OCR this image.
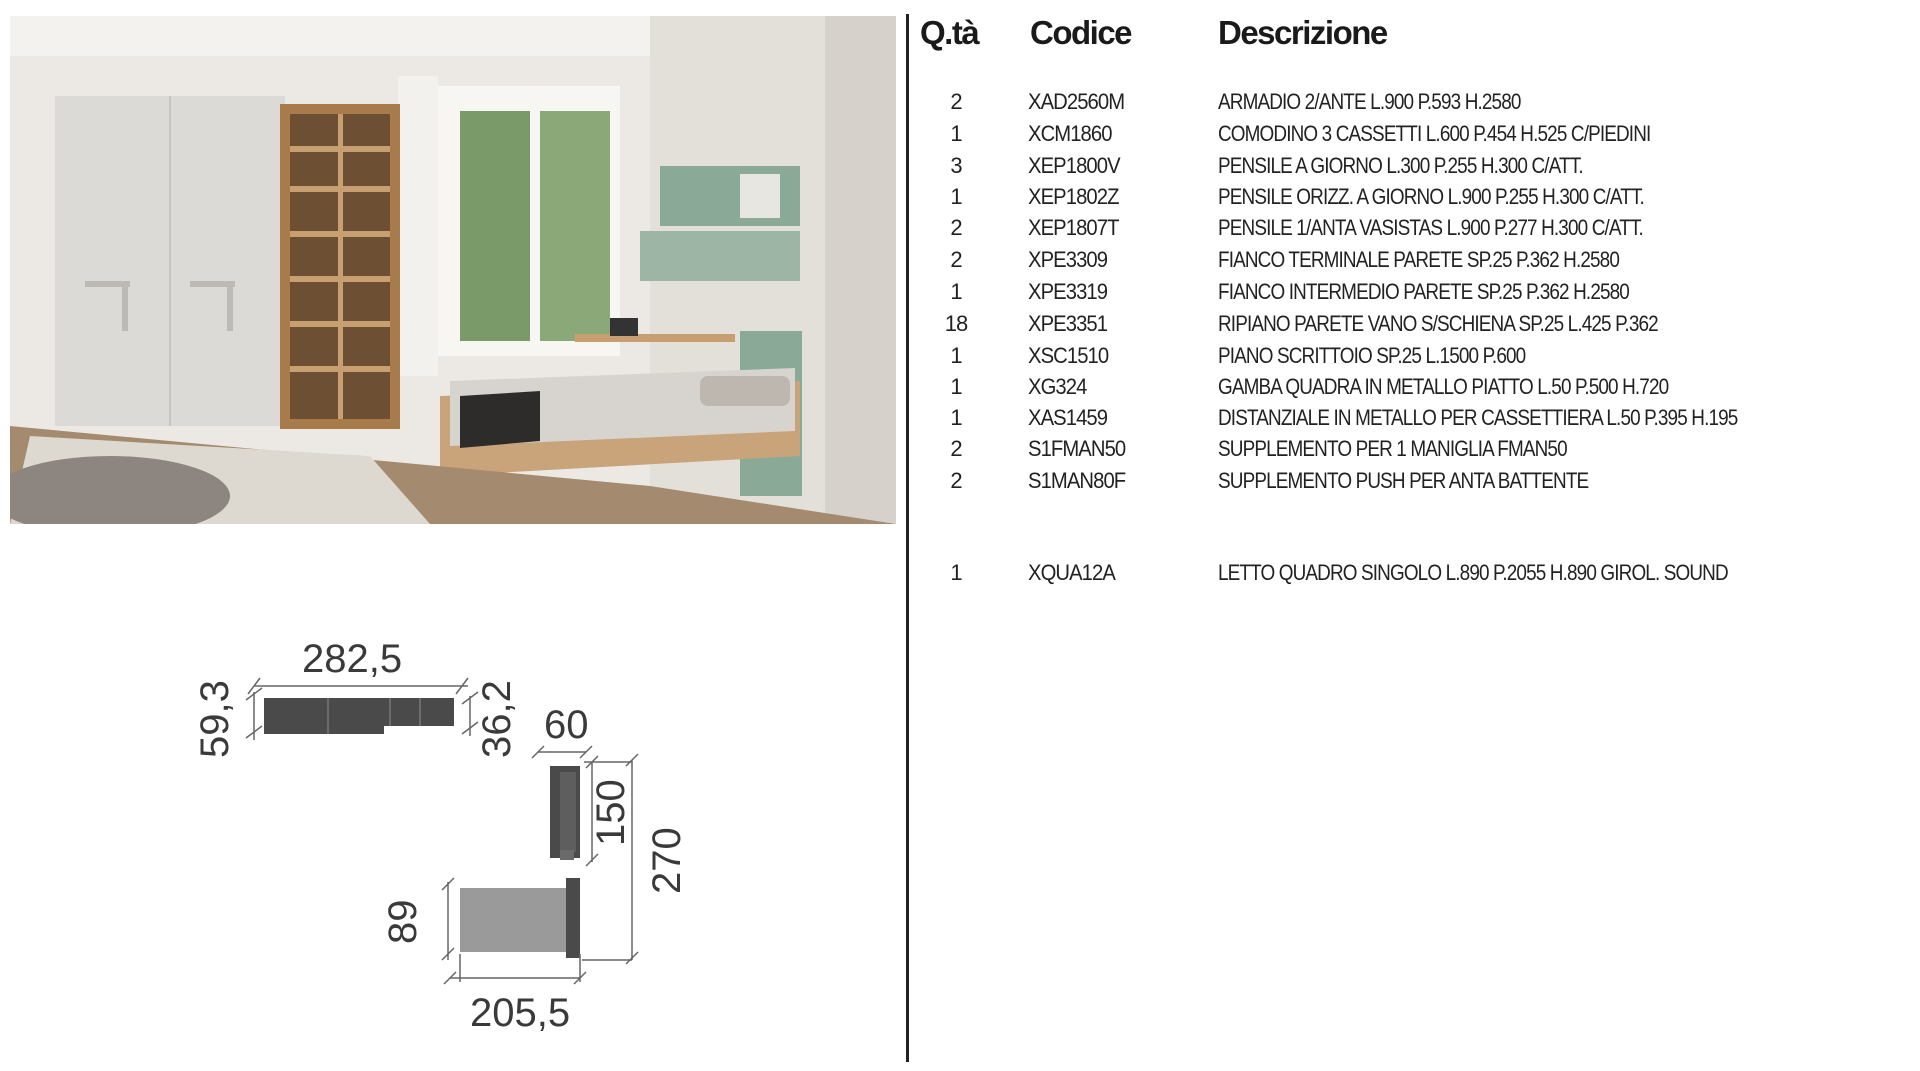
282,5
59,3	36,2 60
150
270
89
205,5
Q.tà Codice	Descrizione
2	XAD2560M	ARMADIO 2/ANTE L.900 P.593 H.2580
1	XCM1860	COMODINO 3 CASSETTI L.600 P.454 H.525 C/PIEDINI
3	XEP1800V	PENSILE A GIORNO L.300 P.255 H.300 C/ATT.
1	XEP1802Z	PENSILE ORIZZ. A GIORNO L.900 P.255 H.300 C/ATT.
2	XEP1807T	PENSILE 1/ANTA VASISTAS L.900 P.277 H.300 C/ATT.
2	XPE3309	FIANCO TERMINALE PARETE SP.25 P.362 H.2580
1	XPE3319	FIANCO INTERMEDIO PARETE SP.25 P.362 H.2580
18	XPE3351	RIPIANO PARETE VANO S/SCHIENA SP.25 L.425 P.362
1	XSC1510	PIANO SCRITTOIO SP.25 L.1500 P.600
1	XG324	GAMBA QUADRA IN METALLO PIATTO L.50 P.500 H.720
1	XAS1459	DISTANZIALE IN METALLO PER CASSETTIERA L.50 P.395 H.195
2	S1FMAN50	SUPPLEMENTO PER 1 MANIGLIA FMAN50
2	S1MAN80F	SUPPLEMENTO PUSH PER ANTA BATTENTE
1	XQUA12A	LETTO QUADRO SINGOLO L.890 P.2055 H.890 GIROL. SOUND
